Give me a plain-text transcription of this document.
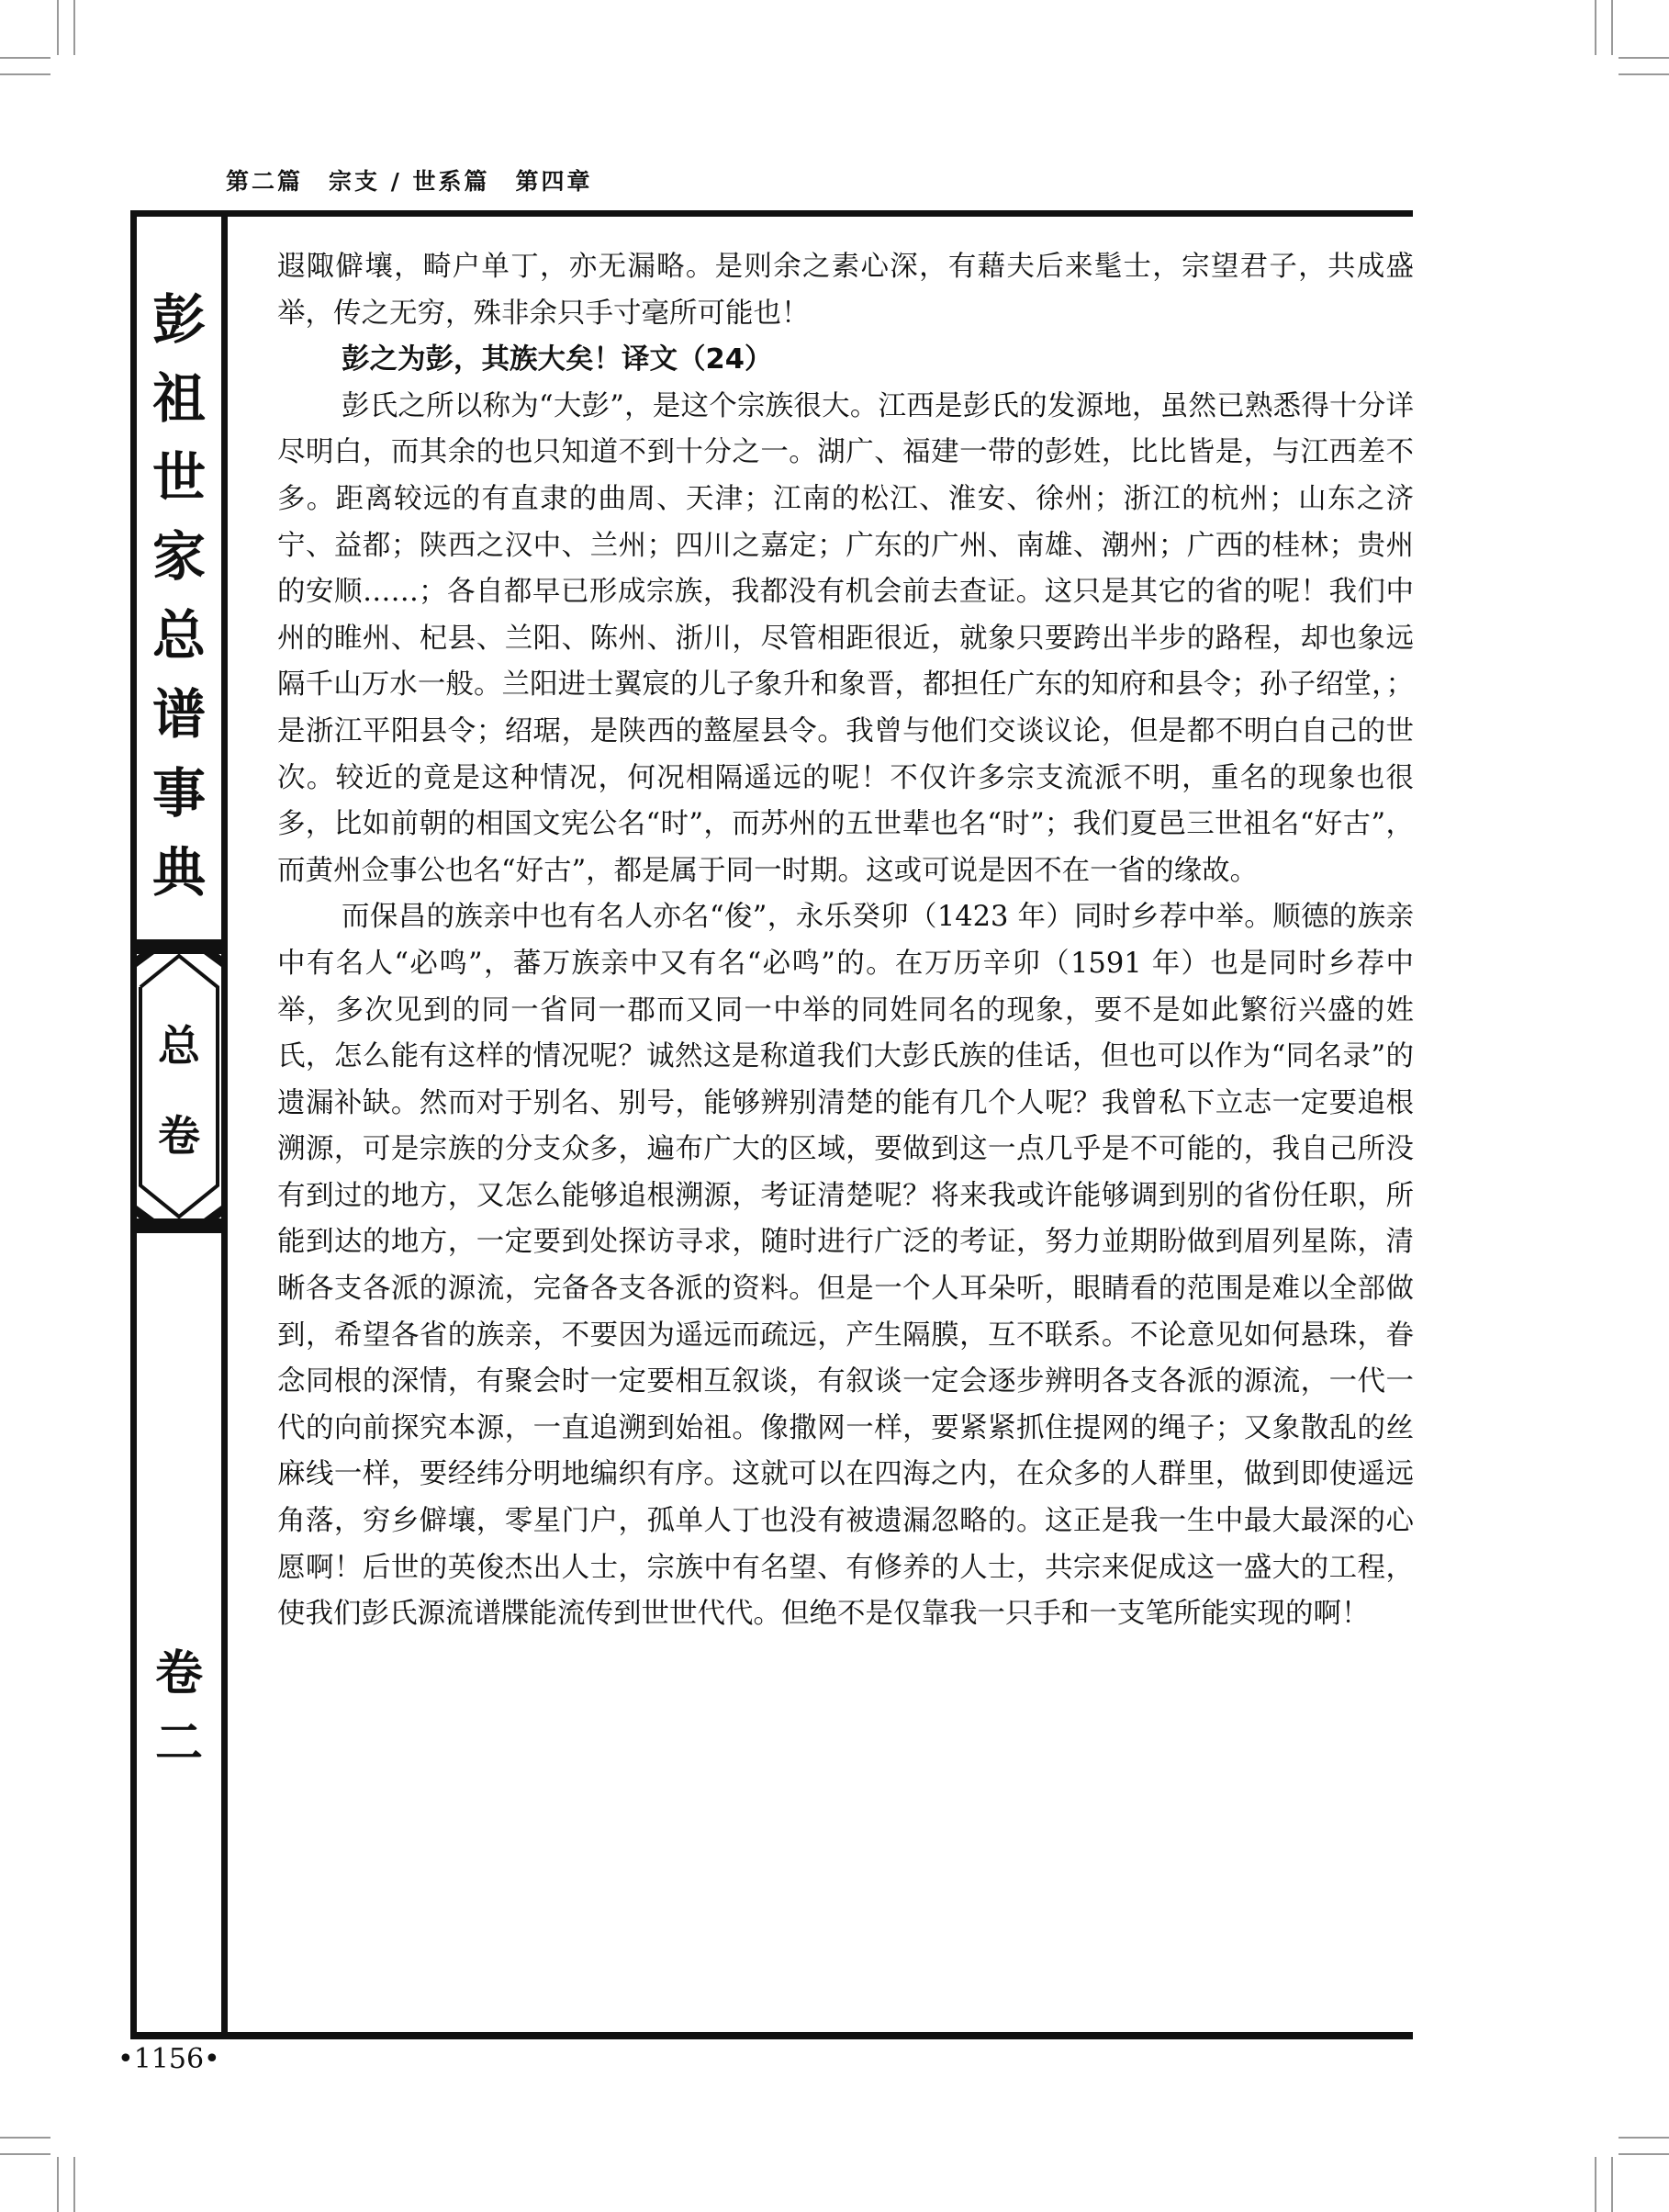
第二篇　宗支 / 世系篇　第四章
彭
祖
世
家
总
谱
事
典
总
卷
卷
二

遐陬僻壤，畸户单丁，亦无漏略。是则余之素心深，有藉夫后来髦士，宗望君子，共成盛举，传之无穷，殊非余只手寸毫所可能也！

彭之为彭，其族大矣！译文（24）

彭氏之所以称为“大彭”，是这个宗族很大。江西是彭氏的发源地，虽然已熟悉得十分详尽明白，而其余的也只知道不到十分之一。湖广、福建一带的彭姓，比比皆是，与江西差不多。距离较远的有直隶的曲周、天津；江南的松江、淮安、徐州；浙江的杭州；山东之济宁、益都；陕西之汉中、兰州；四川之嘉定；广东的广州、南雄、潮州；广西的桂林；贵州的安顺……；各自都早已形成宗族，我都没有机会前去查证。这只是其它的省的呢！我们中州的睢州、杞县、兰阳、陈州、浙川，尽管相距很近，就象只要跨出半步的路程，却也象远隔千山万水一般。兰阳进士翼宸的儿子象升和象晋，都担任广东的知府和县令；孙子绍堂，；是浙江平阳县令；绍琚，是陕西的盩屋县令。我曾与他们交谈议论，但是都不明白自己的世次。较近的竟是这种情况，何况相隔遥远的呢！不仅许多宗支流派不明，重名的现象也很多，比如前朝的相国文宪公名“时”，而苏州的五世辈也名“时”；我们夏邑三世祖名“好古”，而黄州佥事公也名“好古”，都是属于同一时期。这或可说是因不在一省的缘故。

而保昌的族亲中也有名人亦名“俊”，永乐癸卯（1423 年）同时乡荐中举。顺德的族亲中有名人“必鸣”，蕃万族亲中又有名“必鸣”的。在万历辛卯（1591 年）也是同时乡荐中举，多次见到的同一省同一郡而又同一中举的同姓同名的现象，要不是如此繁衍兴盛的姓氏，怎么能有这样的情况呢？诚然这是称道我们大彭氏族的佳话，但也可以作为“同名录”的遗漏补缺。然而对于别名、别号，能够辨别清楚的能有几个人呢？我曾私下立志一定要追根溯源，可是宗族的分支众多，遍布广大的区域，要做到这一点几乎是不可能的，我自己所没有到过的地方，又怎么能够追根溯源，考证清楚呢？将来我或许能够调到别的省份任职，所能到达的地方，一定要到处探访寻求，随时进行广泛的考证，努力並期盼做到眉列星陈，清晰各支各派的源流，完备各支各派的资料。但是一个人耳朵听，眼睛看的范围是难以全部做到，希望各省的族亲，不要因为遥远而疏远，产生隔膜，互不联系。不论意见如何悬珠，眷念同根的深情，有聚会时一定要相互叙谈，有叙谈一定会逐步辨明各支各派的源流，一代一代的向前探究本源，一直追溯到始祖。像撒网一样，要紧紧抓住提网的绳子；又象散乱的丝麻线一样，要经纬分明地编织有序。这就可以在四海之内，在众多的人群里，做到即使遥远角落，穷乡僻壤，零星门户，孤单人丁也没有被遗漏忽略的。这正是我一生中最大最深的心愿啊！后世的英俊杰出人士，宗族中有名望、有修养的人士，共宗来促成这一盛大的工程，使我们彭氏源流谱牒能流传到世世代代。但绝不是仅靠我一只手和一支笔所能实现的啊！

•1156•
